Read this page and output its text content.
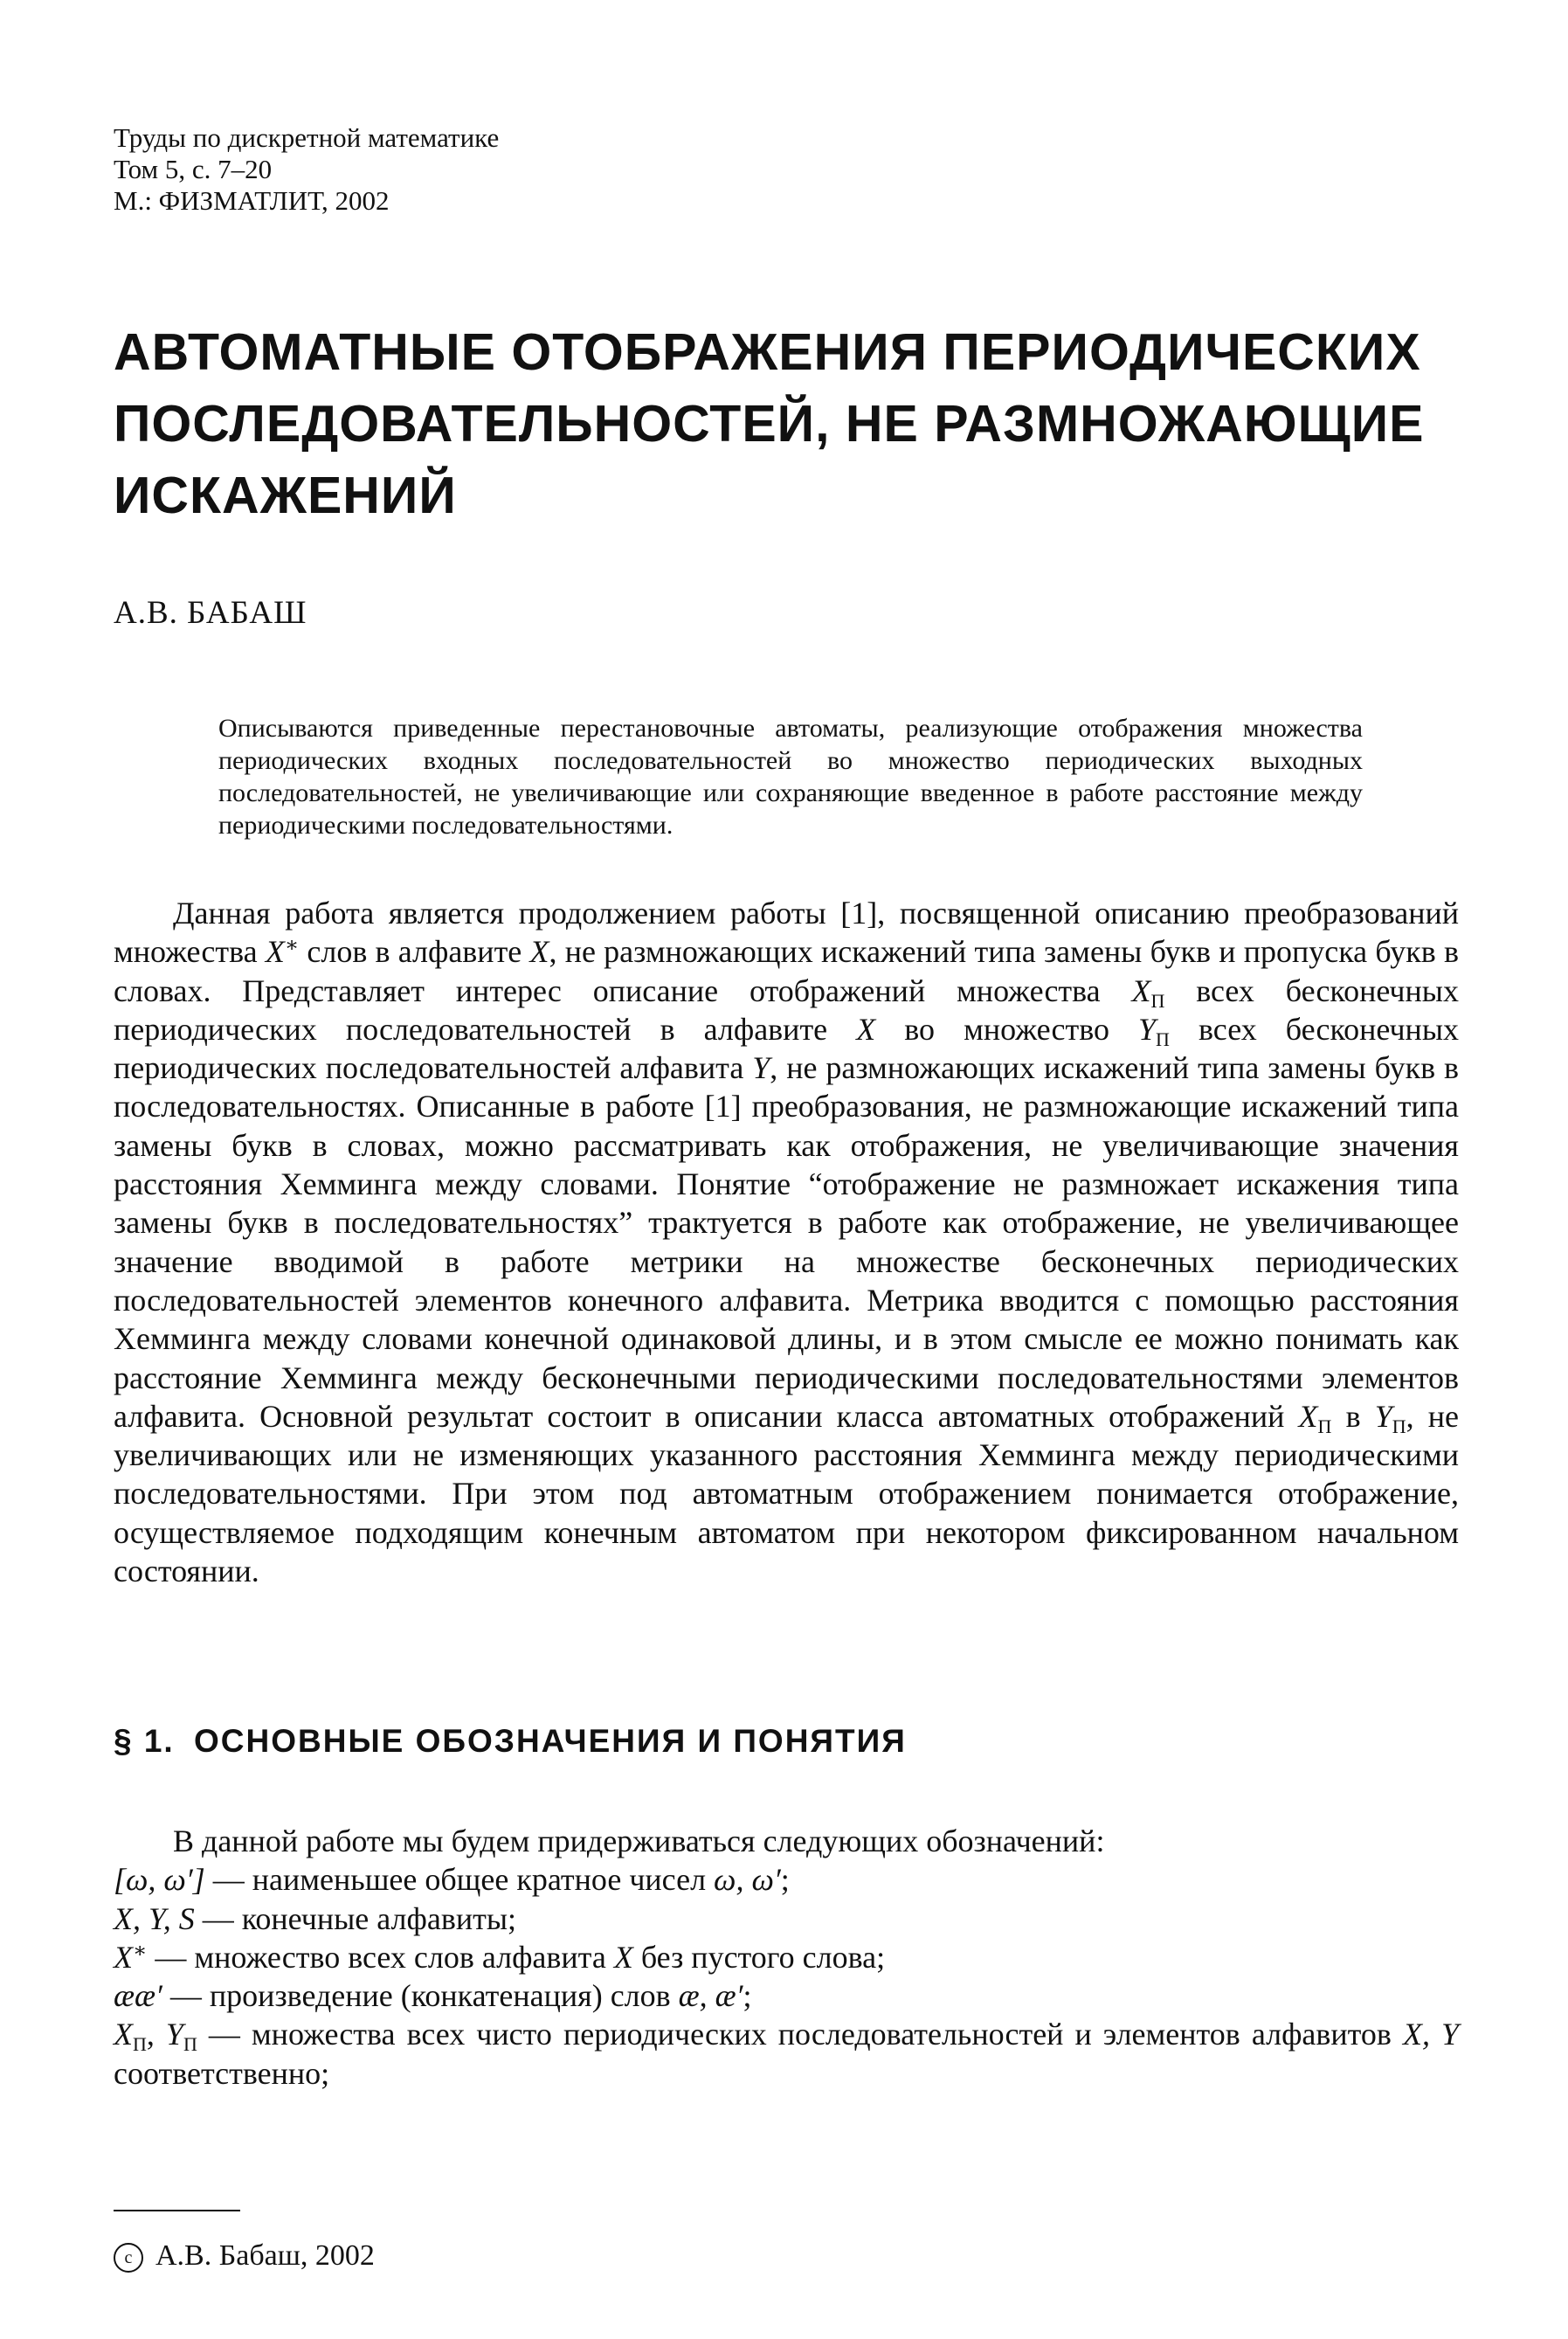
Труды по дискретной математике
Том 5, с. 7–20
М.: ФИЗМАТЛИТ, 2002
АВТОМАТНЫЕ ОТОБРАЖЕНИЯ ПЕРИОДИЧЕСКИХ
ПОСЛЕДОВАТЕЛЬНОСТЕЙ, НЕ РАЗМНОЖАЮЩИЕ
ИСКАЖЕНИЙ
А.В. БАБАШ
Описываются приведенные перестановочные автоматы, реализующие отображения множества периодических входных последовательностей во множество периодических выходных последовательностей, не увеличивающие или сохраняющие введенное в работе расстояние между периодическими последовательностями.

Данная работа является продолжением работы [1], посвященной описанию преобразований множества X∗ слов в алфавите X, не размножающих искажений типа замены букв и пропуска букв в словах. Представляет интерес описание отображений множества $X_П$ всех бесконечных периодических последовательностей в алфавите X во множество $Y_П$ всех бесконечных периодических последовательностей алфавита Y, не размножающих искажений типа замены букв в последовательностях. Описанные в работе [1] преобразования, не размножающие искажений типа замены букв в словах, можно рассматривать как отображения, не увеличивающие значения расстояния Хемминга между словами. Понятие “отображение не размножает искажения типа замены букв в последовательностях” трактуется в работе как отображение, не увеличивающее значение вводимой в работе метрики на множестве бесконечных периодических последовательностей элементов конечного алфавита. Метрика вводится с помощью расстояния Хемминга между словами конечной одинаковой длины, и в этом смысле ее можно понимать как расстояние Хемминга между бесконечными периодическими последовательностями элементов алфавита. Основной результат состоит в описании класса автоматных отображений $X_П$ в $Y_П$, не увеличивающих или не изменяющих указанного расстояния Хемминга между периодическими последовательностями. При этом под автоматным отображением понимается отображение, осуществляемое подходящим конечным автоматом при некотором фиксированном начальном состоянии.

§ 1. ОСНОВНЫЕ ОБОЗНАЧЕНИЯ И ПОНЯТИЯ
В данной работе мы будем придерживаться следующих обозначений:
[ω, ω′] — наименьшее общее кратное чисел ω, ω′;
X, Y, S — конечные алфавиты;
X∗ — множество всех слов алфавита X без пустого слова;
ææ′ — произведение (конкатенация) слов æ, æ′;
$X_П$, $Y_П$ — множества всех чисто периодических последовательностей и элементов алфавитов X, Y соответственно;
c А.В. Бабаш, 2002
